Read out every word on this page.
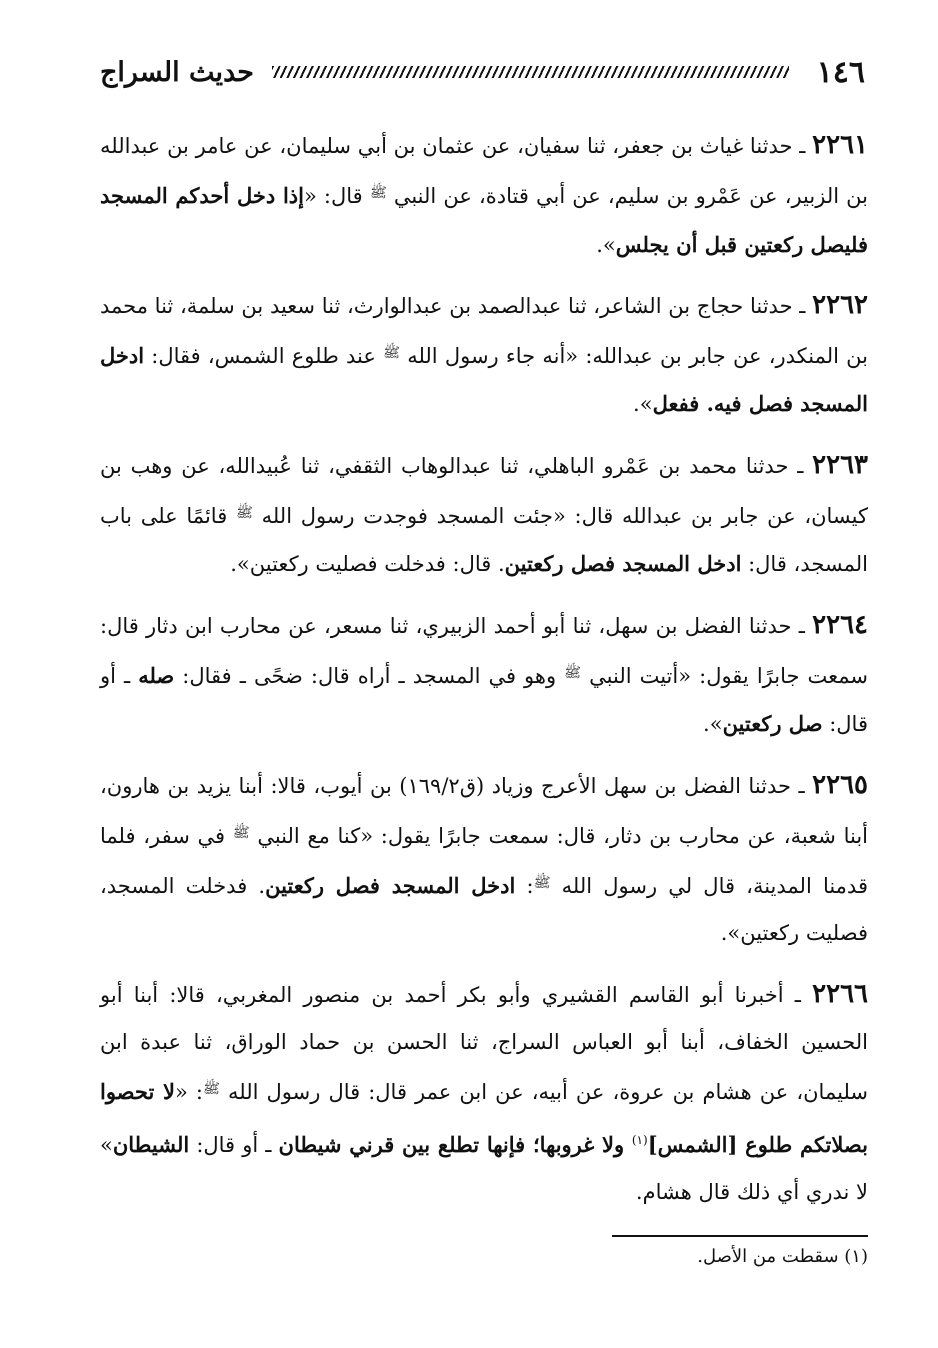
١٤٦
حديث السراج

٢٢٦١ ـ حدثنا غياث بن جعفر، ثنا سفيان، عن عثمان بن أبي سليمان، عن عامر بن عبدالله بن الزبير، عن عَمْرو بن سليم، عن أبي قتادة، عن النبي $^ﷺ$ قال: «إذا دخل أحدكم المسجد فليصل ركعتين قبل أن يجلس».

٢٢٦٢ ـ حدثنا حجاج بن الشاعر، ثنا عبدالصمد بن عبدالوارث، ثنا سعيد بن سلمة، ثنا محمد بن المنكدر، عن جابر بن عبدالله: «أنه جاء رسول الله $^ﷺ$ عند طلوع الشمس، فقال: ادخل المسجد فصل فيه. ففعل».

٢٢٦٣ ـ حدثنا محمد بن عَمْرو الباهلي، ثنا عبدالوهاب الثقفي، ثنا عُبيدالله، عن وهب بن كيسان، عن جابر بن عبدالله قال: «جئت المسجد فوجدت رسول الله $^ﷺ$ قائمًا على باب المسجد، قال: ادخل المسجد فصل ركعتين. قال: فدخلت فصليت ركعتين».

٢٢٦٤ ـ حدثنا الفضل بن سهل، ثنا أبو أحمد الزبيري، ثنا مسعر، عن محارب ابن دثار قال: سمعت جابرًا يقول: «أتيت النبي $^ﷺ$ وهو في المسجد ـ أراه قال: ضحًى ـ فقال: صله ـ أو قال: صل ركعتين».

٢٢٦٥ ـ حدثنا الفضل بن سهل الأعرج وزياد (ق١٦٩/٢) بن أيوب، قالا: أبنا يزيد بن هارون، أبنا شعبة، عن محارب بن دثار، قال: سمعت جابرًا يقول: «كنا مع النبي $^ﷺ$ في سفر، فلما قدمنا المدينة، قال لي رسول الله $^ﷺ$: ادخل المسجد فصل ركعتين. فدخلت المسجد، فصليت ركعتين».

٢٢٦٦ ـ أخبرنا أبو القاسم القشيري وأبو بكر أحمد بن منصور المغربي، قالا: أبنا أبو الحسين الخفاف، أبنا أبو العباس السراج، ثنا الحسن بن حماد الوراق، ثنا عبدة ابن سليمان، عن هشام بن عروة، عن أبيه، عن ابن عمر قال: قال رسول الله $^ﷺ$: «لا تحصوا بصلاتكم طلوع [الشمس]$^{(١)}$ ولا غروبها؛ فإنها تطلع بين قرني شيطان ـ أو قال: الشيطان» لا ندري أي ذلك قال هشام.

(١) سقطت من الأصل.
